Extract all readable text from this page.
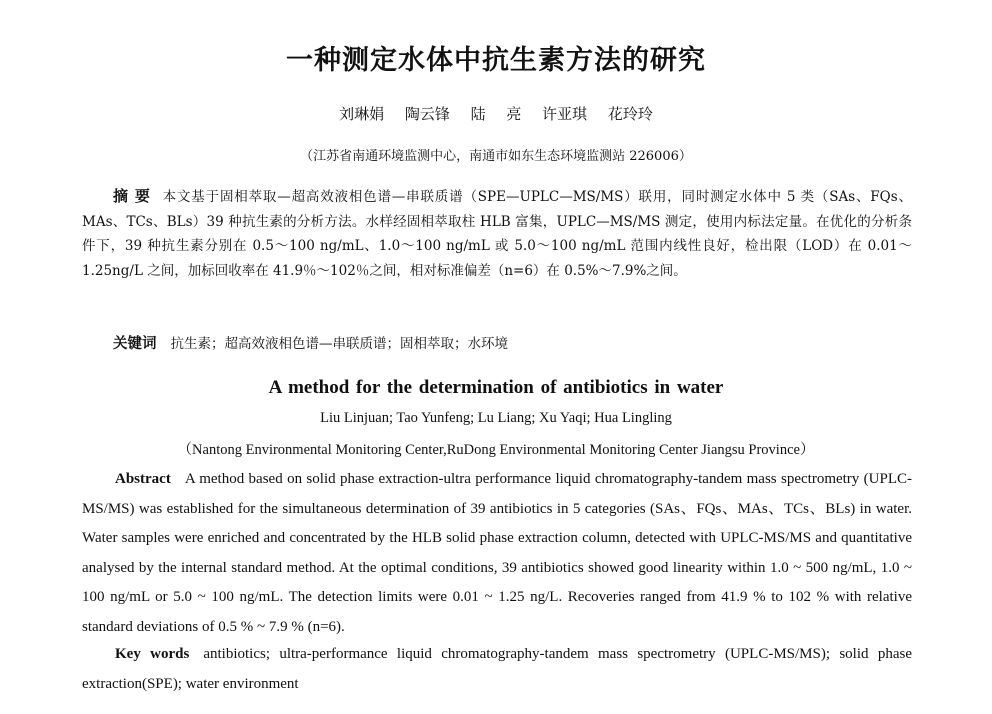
一种测定水体中抗生素方法的研究
刘琳娟 陶云锋 陆 亮 许亚琪 花玲玲
（江苏省南通环境监测中心，南通市如东生态环境监测站 226006）

摘要 本文基于固相萃取—超高效液相色谱—串联质谱（SPE—UPLC—MS/MS）联用，同时测定水体中 5 类（SAs、FQs、MAs、TCs、BLs）39 种抗生素的分析方法。水样经固相萃取柱 HLB 富集，UPLC—MS/MS 测定，使用内标法定量。在优化的分析条件下，39 种抗生素分别在 0.5～100 ng/mL、1.0～100 ng/mL 或 5.0～100 ng/mL 范围内线性良好，检出限（LOD）在 0.01～1.25ng/L 之间，加标回收率在 41.9％～102％之间，相对标准偏差（n=6）在 0.5%～7.9%之间。

关键词 抗生素；超高效液相色谱—串联质谱；固相萃取；水环境

A method for the determination of antibiotics in water
Liu Linjuan; Tao Yunfeng; Lu Liang; Xu Yaqi; Hua Lingling
（Nantong Environmental Monitoring Center,RuDong Environmental Monitoring Center Jiangsu Province）

Abstract A method based on solid phase extraction-ultra performance liquid chromatography-tandem mass spectrometry (UPLC-MS/MS) was established for the simultaneous determination of 39 antibiotics in 5 categories (SAs、FQs、MAs、TCs、BLs) in water. Water samples were enriched and concentrated by the HLB solid phase extraction column, detected with UPLC-MS/MS and quantitative analysed by the internal standard method. At the optimal conditions, 39 antibiotics showed good linearity within 1.0 ~ 500 ng/mL, 1.0 ~ 100 ng/mL or 5.0 ~ 100 ng/mL. The detection limits were 0.01 ~ 1.25 ng/L. Recoveries ranged from 41.9 % to 102 % with relative standard deviations of 0.5 % ~ 7.9 % (n=6).

Key words antibiotics; ultra-performance liquid chromatography-tandem mass spectrometry (UPLC-MS/MS); solid phase extraction(SPE); water environment
